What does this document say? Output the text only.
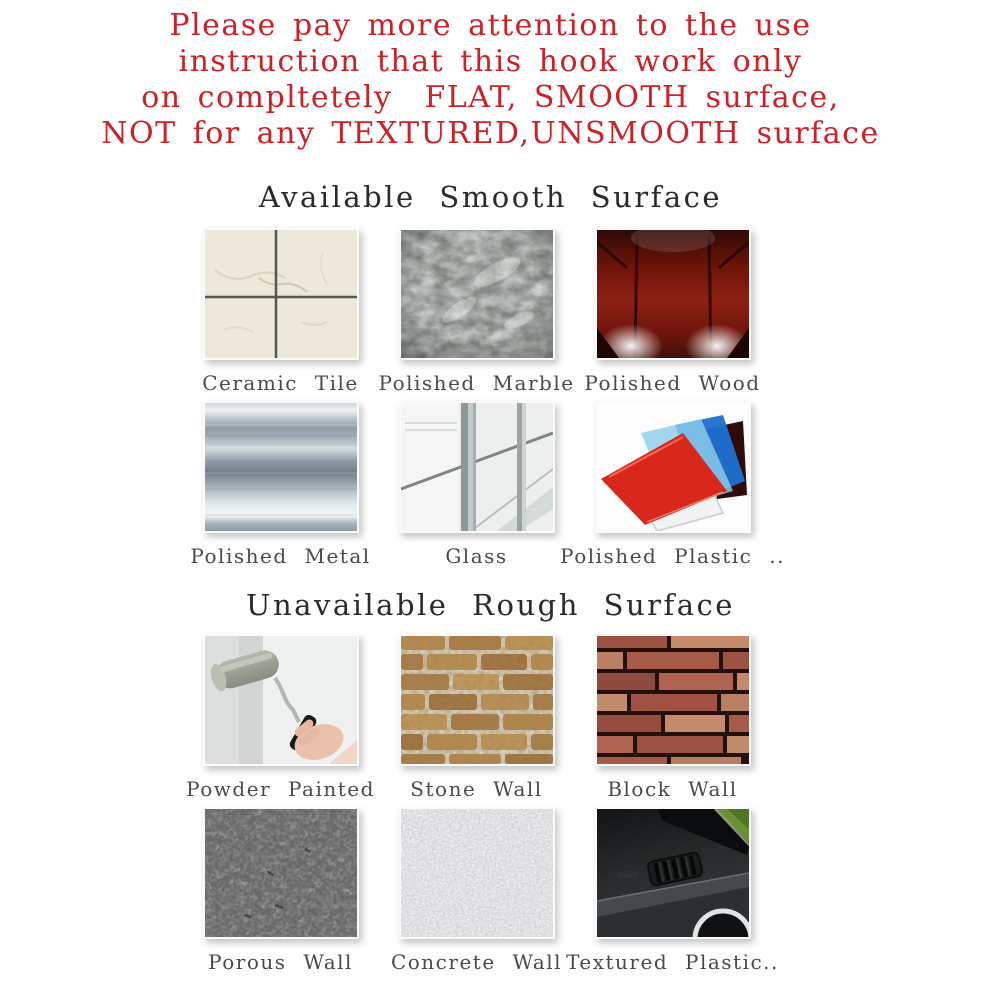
Please pay more attention to the use
instruction that this hook work only
on compltetely  FLAT, SMOOTH surface,
NOT for any TEXTURED,UNSMOOTH surface
Available Smooth Surface
Ceramic Tile Polished Marble Polished Wood
Polished Metal	Glass	Polished Plastic ..
Unavailable Rough Surface
Powder Painted Stone Wall	Block Wall
Porous Wall Concrete Wall Textured Plastic..
